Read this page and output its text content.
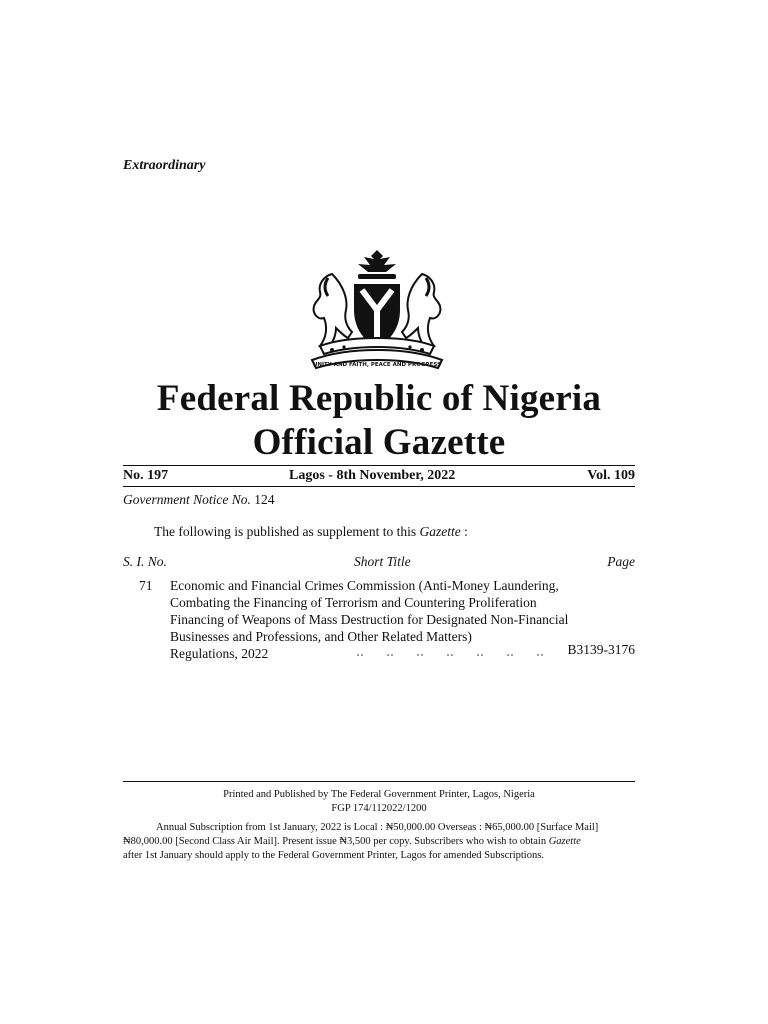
Extraordinary
UNITY AND FAITH, PEACE AND PROGRESS
Federal Republic of Nigeria
Official Gazette
No. 197	Lagos - 8th November, 2022	Vol. 109
Government Notice No. 124
The following is published as supplement to this Gazette :
S. I. No.	Short Title	Page
71 Economic and Financial Crimes Commission (Anti-Money Laundering,
Combating the Financing of Terrorism and Countering Proliferation
Financing of Weapons of Mass Destruction for Designated Non-Financial
Businesses and Professions, and Other Related Matters)
Regulations, 2022	B3139-3176
Printed and Published by The Federal Government Printer, Lagos, Nigeria
FGP 174/112022/1200
Annual Subscription from 1st January, 2022 is Local : ₦50,000.00 Overseas : ₦65,000.00 [Surface Mail]
₦80,000.00 [Second Class Air Mail]. Present issue ₦3,500 per copy. Subscribers who wish to obtain Gazette
after 1st January should apply to the Federal Government Printer, Lagos for amended Subscriptions.
